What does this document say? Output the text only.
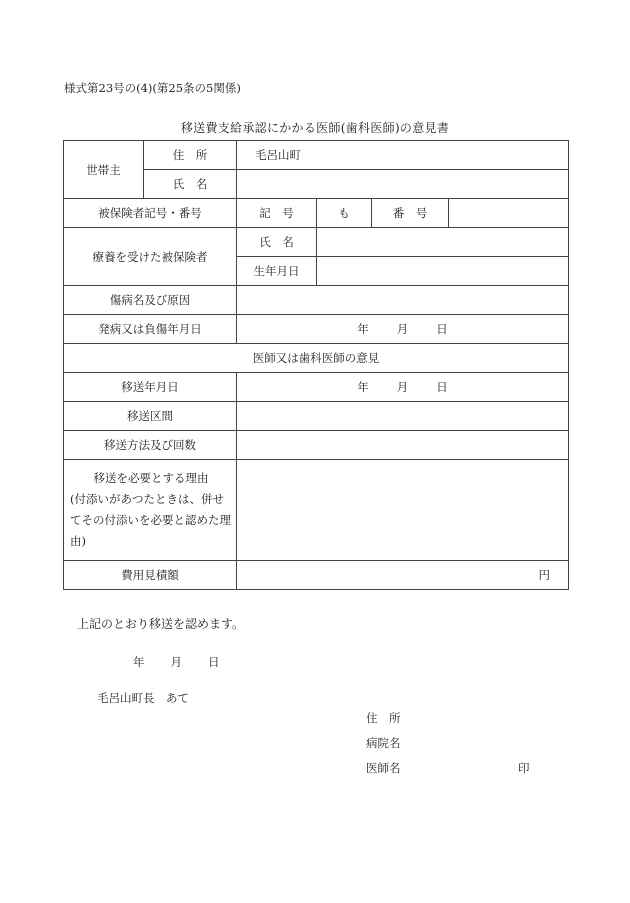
様式第23号の(4)(第25条の5関係)
移送費支給承認にかかる医師(歯科医師)の意見書
世帯主	住　所	毛呂山町			
	氏　名				
被保険者記号・番号		記　号	も	番　号	
療養を受けた被保険者		氏　名			
		生年月日			
傷病名及び原因					
発病又は負傷年月日		年 月 日			
医師又は歯科医師の意見					
移送年月日		年 月 日			
移送区間					
移送方法及び回数					

移送を必要とする理由
(付添いがあつたときは、併せてその付添いを必要と認めた理由)					
費用見積額		円			
上記のとおり移送を認めます。
年 月 日
毛呂山町長　あて
住　所
病院名
医師名	印
